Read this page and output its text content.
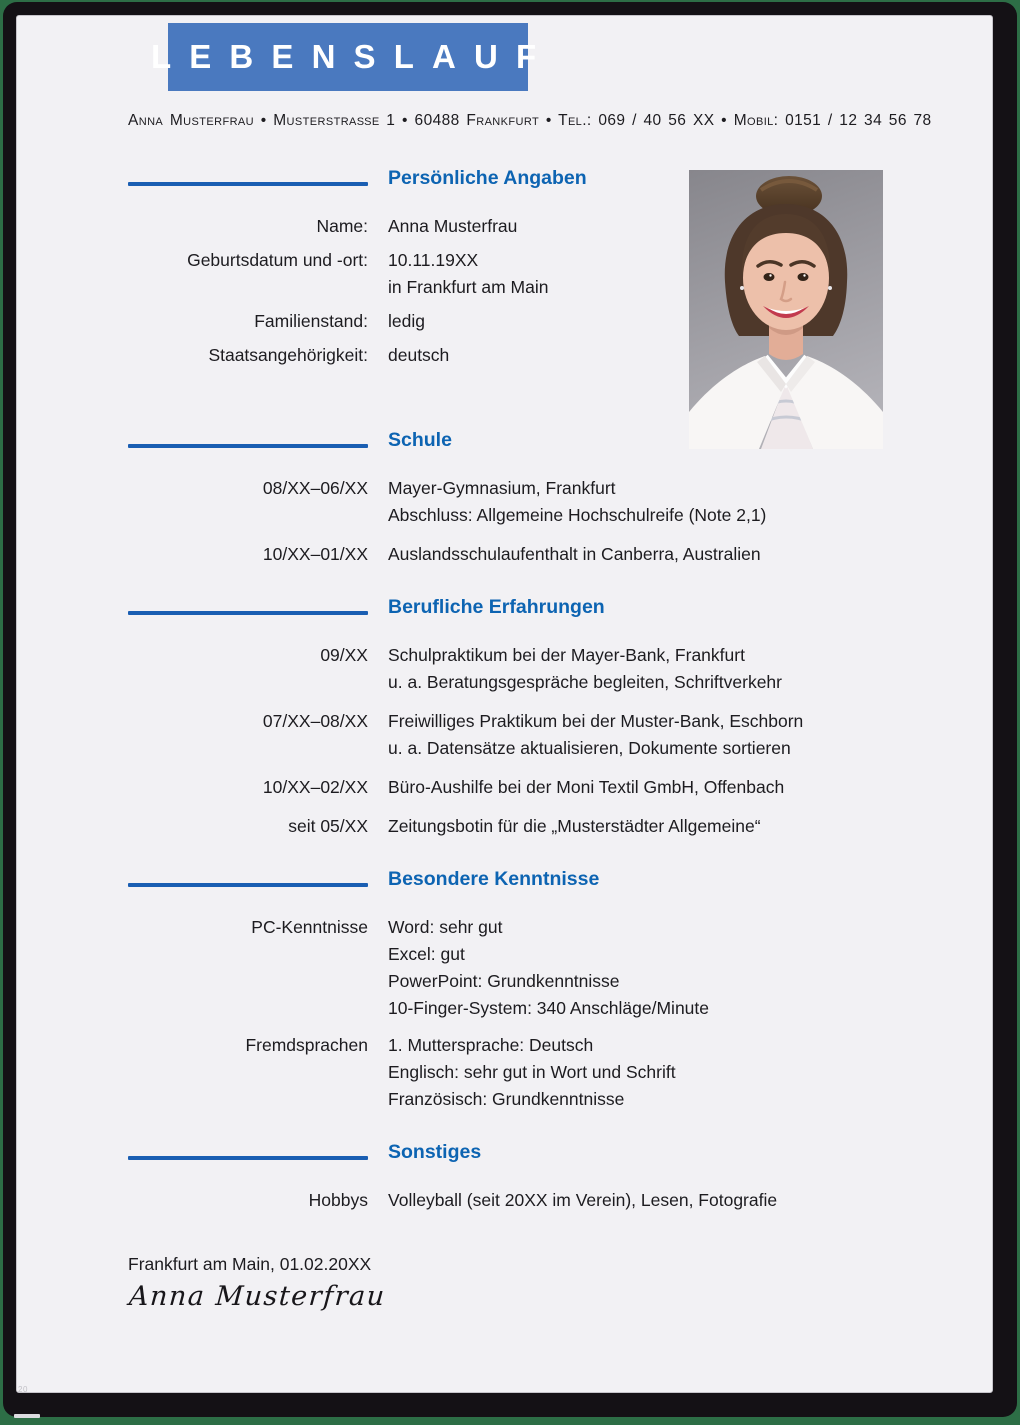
LEBENSLAUF
Anna Musterfrau • Musterstraße 1 • 60488 Frankfurt • Tel.: 069 / 40 56 XX • Mobil: 0151 / 12 34 56 78
Persönliche Angaben
Name: Anna Musterfrau
Geburtsdatum und -ort: 10.11.19XX
in Frankfurt am Main
Familienstand: ledig
Staatsangehörigkeit: deutsch
Schule
08/XX–06/XX Mayer-Gymnasium, Frankfurt
Abschluss: Allgemeine Hochschulreife (Note 2,1)
10/XX–01/XX Auslandsschulaufenthalt in Canberra, Australien
Berufliche Erfahrungen
09/XX Schulpraktikum bei der Mayer-Bank, Frankfurt
u. a. Beratungsgespräche begleiten, Schriftverkehr
07/XX–08/XX Freiwilliges Praktikum bei der Muster-Bank, Eschborn
u. a. Datensätze aktualisieren, Dokumente sortieren
10/XX–02/XX Büro-Aushilfe bei der Moni Textil GmbH, Offenbach
seit 05/XX Zeitungsbotin für die „Musterstädter Allgemeine“
Besondere Kenntnisse
PC-Kenntnisse Word: sehr gut
Excel: gut
PowerPoint: Grundkenntnisse
10-Finger-System: 340 Anschläge/Minute
Fremdsprachen 1. Muttersprache: Deutsch
Englisch: sehr gut in Wort und Schrift
Französisch: Grundkenntnisse
Sonstiges
Hobbys Volleyball (seit 20XX im Verein), Lesen, Fotografie
Frankfurt am Main, 01.02.20XX
Anna Musterfrau
20
